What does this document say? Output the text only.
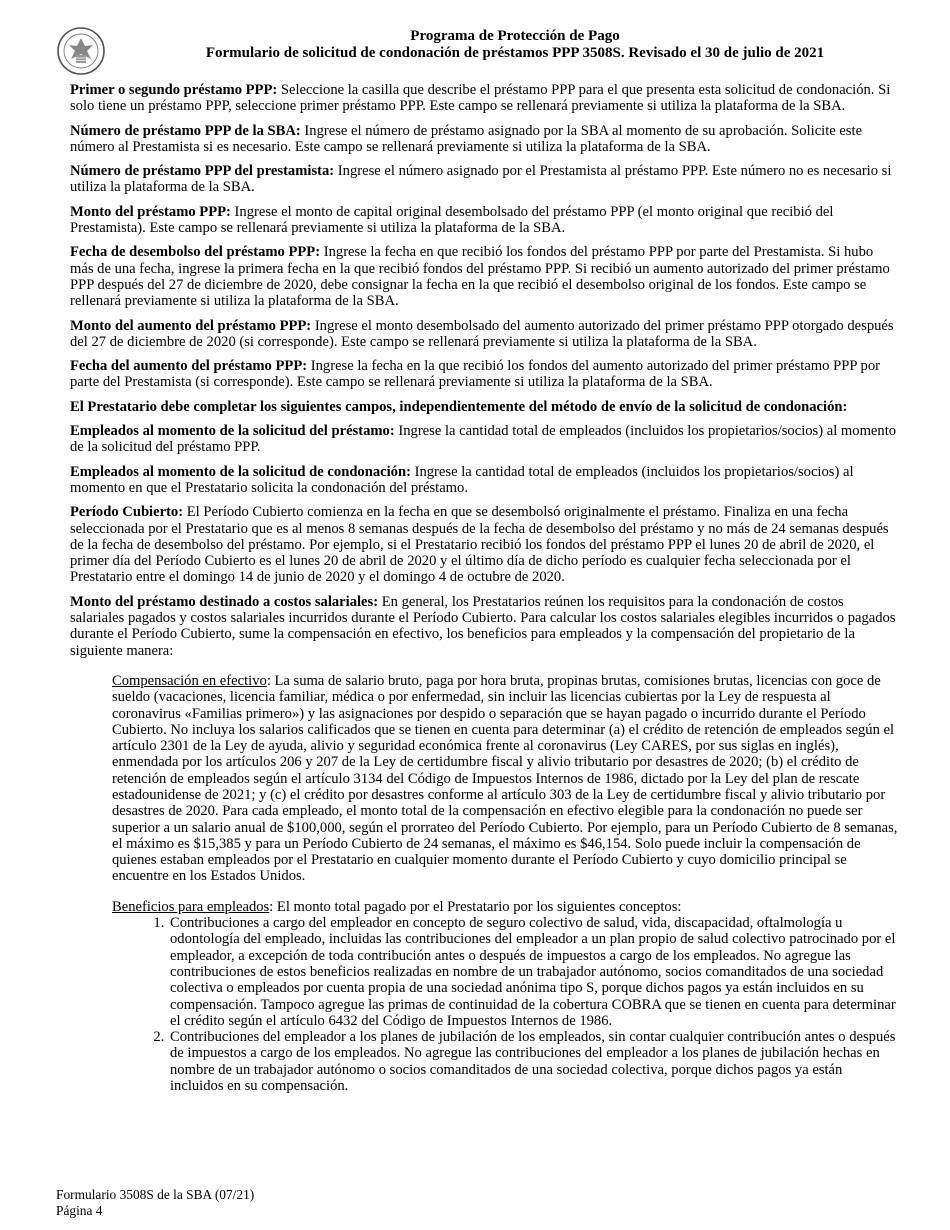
Programa de Protección de Pago
Formulario de solicitud de condonación de préstamos PPP 3508S. Revisado el 30 de julio de 2021

Primer o segundo préstamo PPP: Seleccione la casilla que describe el préstamo PPP para el que presenta esta solicitud de condonación. Si solo tiene un préstamo PPP, seleccione primer préstamo PPP. Este campo se rellenará previamente si utiliza la plataforma de la SBA.

Número de préstamo PPP de la SBA: Ingrese el número de préstamo asignado por la SBA al momento de su aprobación. Solicite este número al Prestamista si es necesario. Este campo se rellenará previamente si utiliza la plataforma de la SBA.

Número de préstamo PPP del prestamista: Ingrese el número asignado por el Prestamista al préstamo PPP. Este número no es necesario si utiliza la plataforma de la SBA.

Monto del préstamo PPP: Ingrese el monto de capital original desembolsado del préstamo PPP (el monto original que recibió del Prestamista). Este campo se rellenará previamente si utiliza la plataforma de la SBA.

Fecha de desembolso del préstamo PPP: Ingrese la fecha en que recibió los fondos del préstamo PPP por parte del Prestamista. Si hubo más de una fecha, ingrese la primera fecha en la que recibió fondos del préstamo PPP. Si recibió un aumento autorizado del primer préstamo PPP después del 27 de diciembre de 2020, debe consignar la fecha en la que recibió el desembolso original de los fondos. Este campo se rellenará previamente si utiliza la plataforma de la SBA.

Monto del aumento del préstamo PPP: Ingrese el monto desembolsado del aumento autorizado del primer préstamo PPP otorgado después del 27 de diciembre de 2020 (si corresponde). Este campo se rellenará previamente si utiliza la plataforma de la SBA.

Fecha del aumento del préstamo PPP: Ingrese la fecha en la que recibió los fondos del aumento autorizado del primer préstamo PPP por parte del Prestamista (si corresponde). Este campo se rellenará previamente si utiliza la plataforma de la SBA.

El Prestatario debe completar los siguientes campos, independientemente del método de envío de la solicitud de condonación:

Empleados al momento de la solicitud del préstamo: Ingrese la cantidad total de empleados (incluidos los propietarios/socios) al momento de la solicitud del préstamo PPP.

Empleados al momento de la solicitud de condonación: Ingrese la cantidad total de empleados (incluidos los propietarios/socios) al momento en que el Prestatario solicita la condonación del préstamo.

Período Cubierto: El Período Cubierto comienza en la fecha en que se desembolsó originalmente el préstamo. Finaliza en una fecha seleccionada por el Prestatario que es al menos 8 semanas después de la fecha de desembolso del préstamo y no más de 24 semanas después de la fecha de desembolso del préstamo. Por ejemplo, si el Prestatario recibió los fondos del préstamo PPP el lunes 20 de abril de 2020, el primer día del Período Cubierto es el lunes 20 de abril de 2020 y el último día de dicho período es cualquier fecha seleccionada por el Prestatario entre el domingo 14 de junio de 2020 y el domingo 4 de octubre de 2020.

Monto del préstamo destinado a costos salariales: En general, los Prestatarios reúnen los requisitos para la condonación de costos salariales pagados y costos salariales incurridos durante el Período Cubierto. Para calcular los costos salariales elegibles incurridos o pagados durante el Período Cubierto, sume la compensación en efectivo, los beneficios para empleados y la compensación del propietario de la siguiente manera:

Compensación en efectivo: La suma de salario bruto, paga por hora bruta, propinas brutas, comisiones brutas, licencias con goce de sueldo (vacaciones, licencia familiar, médica o por enfermedad, sin incluir las licencias cubiertas por la Ley de respuesta al coronavirus «Familias primero») y las asignaciones por despido o separación que se hayan pagado o incurrido durante el Período Cubierto. No incluya los salarios calificados que se tienen en cuenta para determinar (a) el crédito de retención de empleados según el artículo 2301 de la Ley de ayuda, alivio y seguridad económica frente al coronavirus (Ley CARES, por sus siglas en inglés), enmendada por los artículos 206 y 207 de la Ley de certidumbre fiscal y alivio tributario por desastres de 2020; (b) el crédito de retención de empleados según el artículo 3134 del Código de Impuestos Internos de 1986, dictado por la Ley del plan de rescate estadounidense de 2021; y (c) el crédito por desastres conforme al artículo 303 de la Ley de certidumbre fiscal y alivio tributario por desastres de 2020. Para cada empleado, el monto total de la compensación en efectivo elegible para la condonación no puede ser superior a un salario anual de $100,000, según el prorrateo del Período Cubierto. Por ejemplo, para un Período Cubierto de 8 semanas, el máximo es $15,385 y para un Período Cubierto de 24 semanas, el máximo es $46,154. Solo puede incluir la compensación de quienes estaban empleados por el Prestatario en cualquier momento durante el Período Cubierto y cuyo domicilio principal se encuentre en los Estados Unidos.

Beneficios para empleados: El monto total pagado por el Prestatario por los siguientes conceptos:
1. Contribuciones a cargo del empleador en concepto de seguro colectivo de salud, vida, discapacidad, oftalmología u odontología del empleado, incluidas las contribuciones del empleador a un plan propio de salud colectivo patrocinado por el empleador, a excepción de toda contribución antes o después de impuestos a cargo de los empleados. No agregue las contribuciones de estos beneficios realizadas en nombre de un trabajador autónomo, socios comanditados de una sociedad colectiva o empleados por cuenta propia de una sociedad anónima tipo S, porque dichos pagos ya están incluidos en su compensación. Tampoco agregue las primas de continuidad de la cobertura COBRA que se tienen en cuenta para determinar el crédito según el artículo 6432 del Código de Impuestos Internos de 1986.
2. Contribuciones del empleador a los planes de jubilación de los empleados, sin contar cualquier contribución antes o después de impuestos a cargo de los empleados. No agregue las contribuciones del empleador a los planes de jubilación hechas en nombre de un trabajador autónomo o socios comanditados de una sociedad colectiva, porque dichos pagos ya están incluidos en su compensación.
Formulario 3508S de la SBA (07/21)
Página 4
